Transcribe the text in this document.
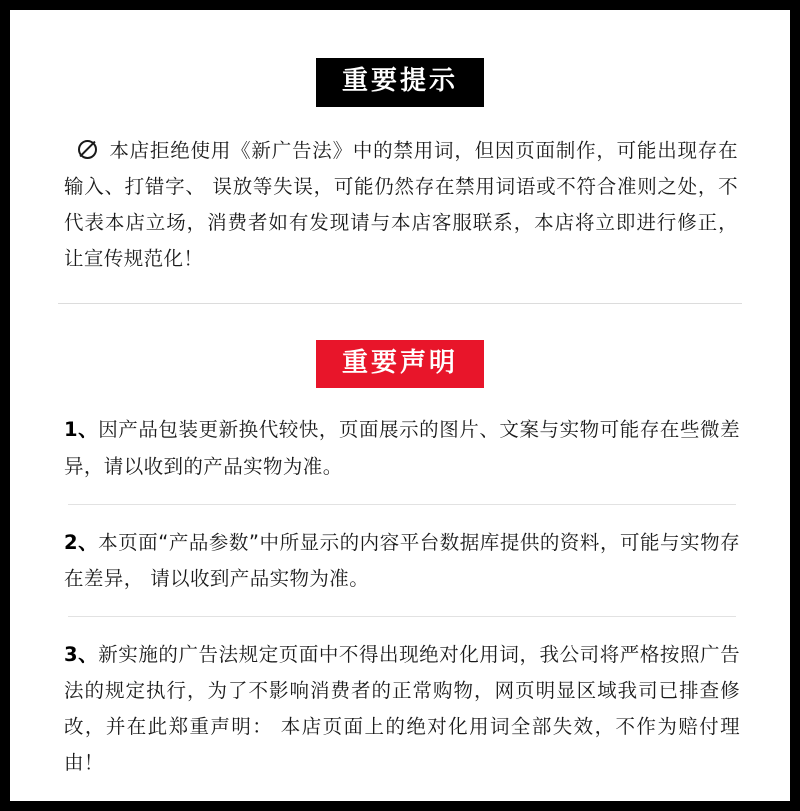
重要提示

本店拒绝使用《新广告法》中的禁用词，但因页面制作，可能出现存在输入、打错字、 误放等失误，可能仍然存在禁用词语或不符合准则之处，不代表本店立场，消费者如有发现请与本店客服联系，本店将立即进行修正，让宣传规范化！

重要声明

1、因产品包装更新换代较快，页面展示的图片、文案与实物可能存在些微差异，请以收到的产品实物为准。

2、本页面“产品参数”中所显示的内容平台数据库提供的资料，可能与实物存在差异， 请以收到产品实物为准。

3、新实施的广告法规定页面中不得出现绝对化用词，我公司将严格按照广告法的规定执行，为了不影响消费者的正常购物，网页明显区域我司已排查修改，并在此郑重声明： 本店页面上的绝对化用词全部失效，不作为赔付理由！
